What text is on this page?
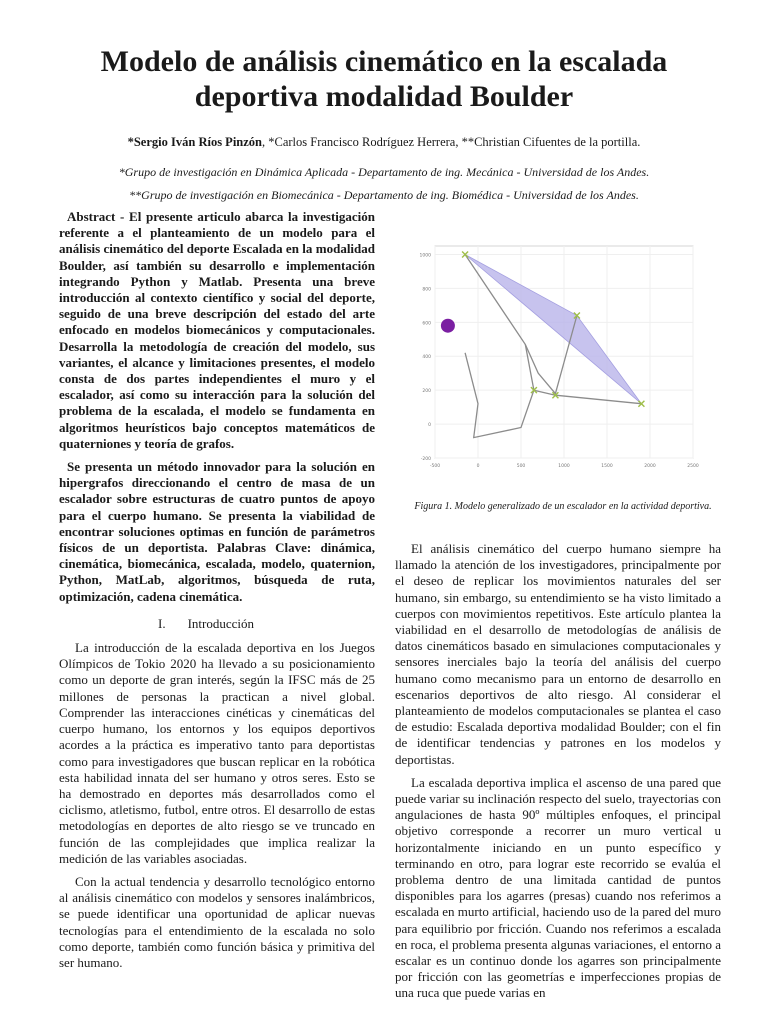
Modelo de análisis cinemático en la escalada deportiva modalidad Boulder
*Sergio Iván Ríos Pinzón, *Carlos Francisco Rodríguez Herrera, **Christian Cifuentes de la portilla.
*Grupo de investigación en Dinámica Aplicada - Departamento de ing. Mecánica - Universidad de los Andes.
**Grupo de investigación en Biomecánica - Departamento de ing. Biomédica - Universidad de los Andes.

Abstract - El presente articulo abarca la investigación referente a el planteamiento de un modelo para el análisis cinemático del deporte Escalada en la modalidad Boulder, así también su desarrollo e implementación integrando Python y Matlab. Presenta una breve introducción al contexto científico y social del deporte, seguido de una breve descripción del estado del arte enfocado en modelos biomecánicos y computacionales. Desarrolla la metodología de creación del modelo, sus variantes, el alcance y limitaciones presentes, el modelo consta de dos partes independientes el muro y el escalador, así como su interacción para la solución del problema de la escalada, el modelo se fundamenta en algoritmos heurísticos bajo conceptos matemáticos de quaterniones y teoría de grafos.

Se presenta un método innovador para la solución en hipergrafos direccionando el centro de masa de un escalador sobre estructuras de cuatro puntos de apoyo para el cuerpo humano. Se presenta la viabilidad de encontrar soluciones optimas en función de parámetros físicos de un deportista. Palabras Clave: dinámica, cinemática, biomecánica, escalada, modelo, quaternion, Python, MatLab, algoritmos, búsqueda de ruta, optimización, cadena cinemática.

I. Introducción

La introducción de la escalada deportiva en los Juegos Olímpicos de Tokio 2020 ha llevado a su posicionamiento como un deporte de gran interés, según la IFSC más de 25 millones de personas la practican a nivel global. Comprender las interacciones cinéticas y cinemáticas del cuerpo humano, los entornos y los equipos deportivos acordes a la práctica es imperativo tanto para deportistas como para investigadores que buscan replicar en la robótica esta habilidad innata del ser humano y otros seres. Esto se ha demostrado en deportes más desarrollados como el ciclismo, atletismo, futbol, entre otros. El desarrollo de estas metodologías en deportes de alto riesgo se ve truncado en función de las complejidades que implica realizar la medición de las variables asociadas.

Con la actual tendencia y desarrollo tecnológico entorno al análisis cinemático con modelos y sensores inalámbricos, se puede identificar una oportunidad de aplicar nuevas tecnologías para el entendimiento de la escalada no solo como deporte, también como función básica y primitiva del ser humano.

1000
800
600
400
200
0
-200
-500	0	500	1000	1500	2000	2500
Figura 1. Modelo generalizado de un escalador en la actividad deportiva.

El análisis cinemático del cuerpo humano siempre ha llamado la atención de los investigadores, principalmente por el deseo de replicar los movimientos naturales del ser humano, sin embargo, su entendimiento se ha visto limitado a cuerpos con movimientos repetitivos. Este artículo plantea la viabilidad en el desarrollo de metodologías de análisis de datos cinemáticos basado en simulaciones computacionales y sensores inerciales bajo la teoría del análisis del cuerpo humano como mecanismo para un entorno de desarrollo en escenarios deportivos de alto riesgo. Al considerar el planteamiento de modelos computacionales se plantea el caso de estudio: Escalada deportiva modalidad Boulder; con el fin de identificar tendencias y patrones en los modelos y deportistas.

La escalada deportiva implica el ascenso de una pared que puede variar su inclinación respecto del suelo, trayectorias con angulaciones de hasta 90º múltiples enfoques, el principal objetivo corresponde a recorrer un muro vertical u horizontalmente iniciando en un punto específico y terminando en otro, para lograr este recorrido se evalúa el problema dentro de una limitada cantidad de puntos disponibles para los agarres (presas) cuando nos referimos a escalada en murto artificial, haciendo uso de la pared del muro para equilibrio por fricción. Cuando nos referimos a escalada en roca, el problema presenta algunas variaciones, el entorno a escalar es un continuo donde los agarres son principalmente por fricción con las geometrías e imperfecciones propias de una ruca que puede varias en
